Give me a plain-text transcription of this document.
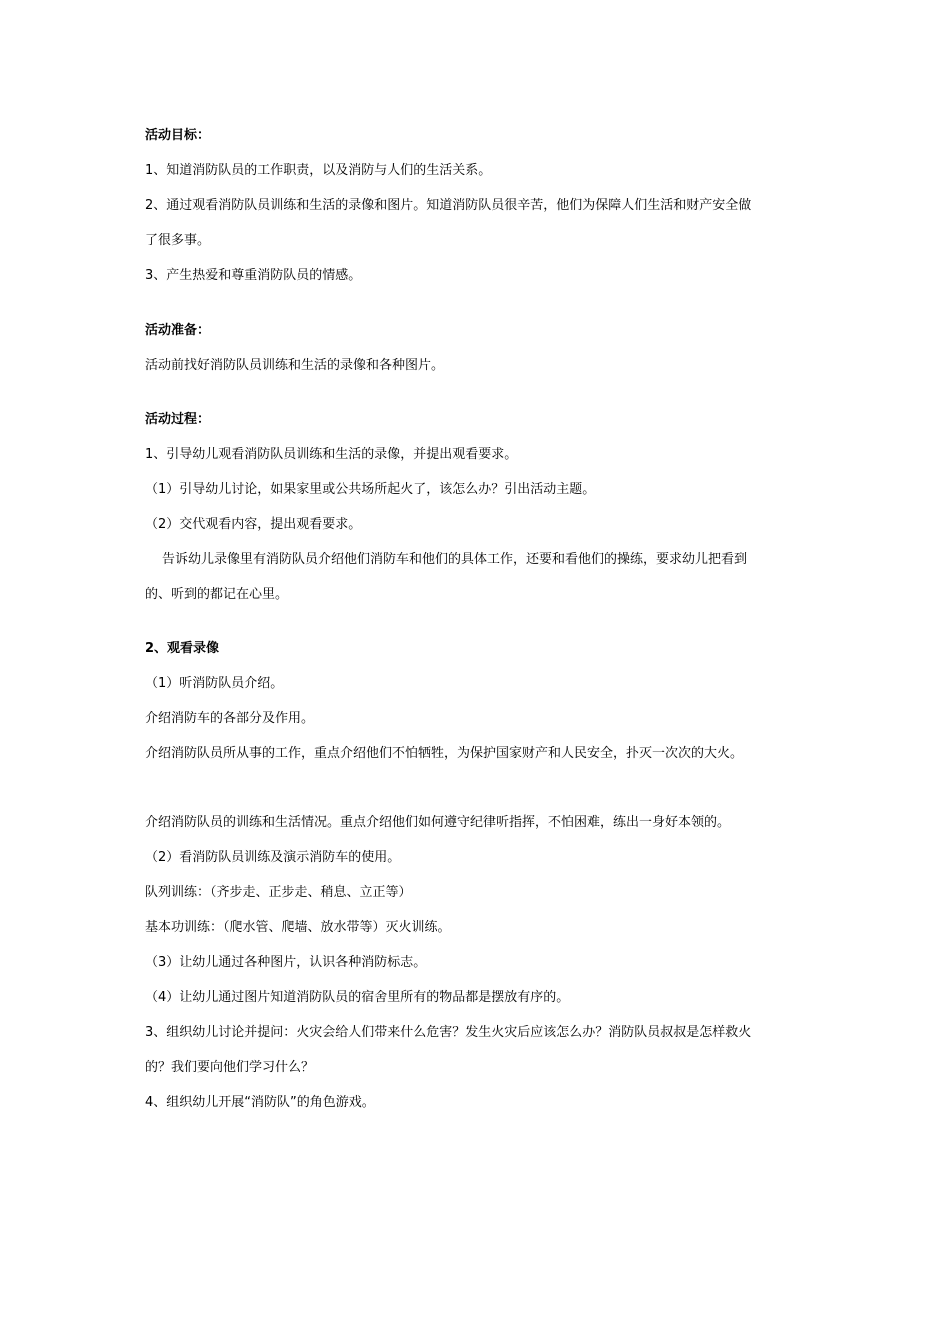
活动目标：
1、知道消防队员的工作职责，以及消防与人们的生活关系。
2、通过观看消防队员训练和生活的录像和图片。知道消防队员很辛苦，他们为保障人们生活和财产安全做
了很多事。
3、产生热爱和尊重消防队员的情感。
活动准备：
活动前找好消防队员训练和生活的录像和各种图片。
活动过程：
1、引导幼儿观看消防队员训练和生活的录像，并提出观看要求。
（1）引导幼儿讨论，如果家里或公共场所起火了，该怎么办？引出活动主题。
（2）交代观看内容，提出观看要求。
告诉幼儿录像里有消防队员介绍他们消防车和他们的具体工作，还要和看他们的操练，要求幼儿把看到
的、听到的都记在心里。
2、观看录像
（1）听消防队员介绍。
介绍消防车的各部分及作用。
介绍消防队员所从事的工作，重点介绍他们不怕牺牲，为保护国家财产和人民安全，扑灭一次次的大火。
介绍消防队员的训练和生活情况。重点介绍他们如何遵守纪律听指挥，不怕困难，练出一身好本领的。
（2）看消防队员训练及演示消防车的使用。
队列训练：（齐步走、正步走、稍息、立正等）
基本功训练：（爬水管、爬墙、放水带等）灭火训练。
（3）让幼儿通过各种图片，认识各种消防标志。
（4）让幼儿通过图片知道消防队员的宿舍里所有的物品都是摆放有序的。
3、组织幼儿讨论并提问：火灾会给人们带来什么危害？发生火灾后应该怎么办？消防队员叔叔是怎样救火
的？我们要向他们学习什么？
4、组织幼儿开展“消防队”的角色游戏。
